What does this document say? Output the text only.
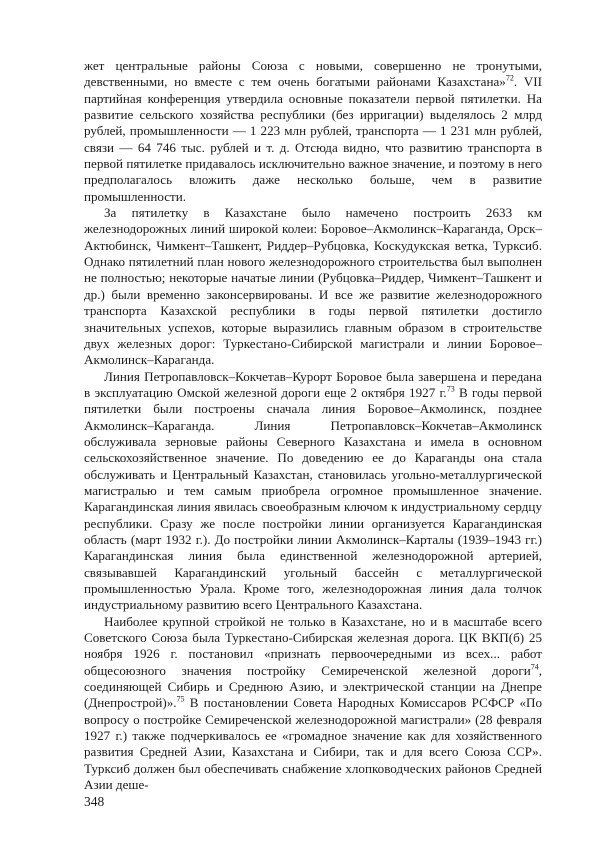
жет центральные районы Союза с новыми, совершенно не тронутыми, девственными, но вместе с тем очень богатыми районами Казахстана»$^{72}$. VII партийная конференция утвердила основные показатели первой пятилетки. На развитие сельского хозяйства республики (без ирригации) выделялось 2 млрд рублей, промышленности — 1 223 млн рублей, транспорта — 1 231 млн рублей, связи — 64 746 тыс. рублей и т. д. Отсюда видно, что развитию транспорта в первой пятилетке придавалось исключительно важное значение, и поэтому в него предполагалось вложить даже несколько больше, чем в развитие промышленности.

За пятилетку в Казахстане было намечено построить 2633 км железнодорожных линий широкой колеи: Боровое–Акмолинск–Караганда, Орск–Актюбинск, Чимкент–Ташкент, Риддер–Рубцовка, Коскудукская ветка, Турксиб. Однако пятилетний план нового железнодорожного строительства был выполнен не полностью; некоторые начатые линии (Рубцовка–Риддер, Чимкент–Ташкент и др.) были временно законсервированы. И все же развитие железнодорожного транспорта Казахской республики в годы первой пятилетки достигло значительных успехов, которые выразились главным образом в строительстве двух железных дорог: Туркестано-Сибирской магистрали и линии Боровое–Акмолинск–Караганда.

Линия Петропавловск–Кокчетав–Курорт Боровое была завершена и передана в эксплуатацию Омской железной дороги еще 2 октября 1927 г.$^{73}$ В годы первой пятилетки были построены сначала линия Боровое–Акмолинск, позднее Акмолинск–Караганда. Линия Петропавловск–Кокчетав–Акмолинск обслуживала зерновые районы Северного Казахстана и имела в основном сельскохозяйственное значение. По доведению ее до Караганды она стала обслуживать и Центральный Казахстан, становилась угольно-металлургической магистралью и тем самым приобрела огромное промышленное значение. Карагандинская линия явилась своеобразным ключом к индустриальному сердцу республики. Сразу же после постройки линии организуется Карагандинская область (март 1932 г.). До постройки линии Акмолинск–Карталы (1939–1943 гг.) Карагандинская линия была единственной железнодорожной артерией, связывавшей Карагандинский угольный бассейн с металлургической промышленностью Урала. Кроме того, железнодорожная линия дала толчок индустриальному развитию всего Центрального Казахстана.

Наиболее крупной стройкой не только в Казахстане, но и в масштабе всего Советского Союза была Туркестано-Сибирская железная дорога. ЦК ВКП(б) 25 ноября 1926 г. постановил «признать первоочередными из всех... работ общесоюзного значения постройку Семиреченской железной дороги$^{74}$, соединяющей Сибирь и Среднюю Азию, и электрической станции на Днепре (Днепрострой)».$^{75}$ В постановлении Совета Народных Комиссаров РСФСР «По вопросу о постройке Семиреченской железнодорожной магистрали» (28 февраля 1927 г.) также подчеркивалось ее «громадное значение как для хозяйственного развития Средней Азии, Казахстана и Сибири, так и для всего Союза ССР». Турксиб должен был обеспечивать снабжение хлопководческих районов Средней Азии деше-

348
